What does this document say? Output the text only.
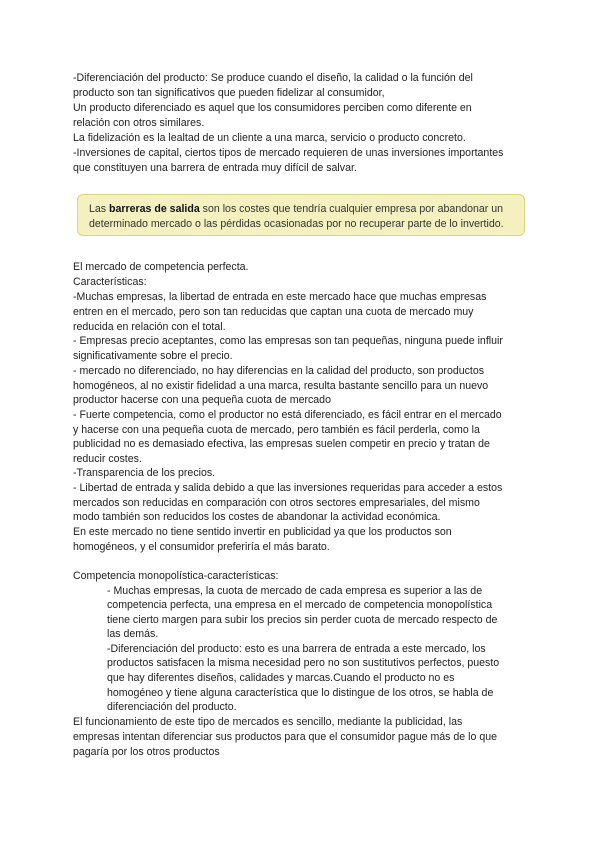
-Diferenciación del producto: Se produce cuando el diseño, la calidad o la función del
producto son tan significativos que pueden fidelizar al consumidor,
Un producto diferenciado es aquel que los consumidores perciben como diferente en
relación con otros similares.
La fidelización es la lealtad de un cliente a una marca, servicio o producto concreto.
-Inversiones de capital, ciertos tipos de mercado requieren de unas inversiones importantes
que constituyen una barrera de entrada muy difícil de salvar.
Las barreras de salida son los costes que tendría cualquier empresa por abandonar un
determinado mercado o las pérdidas ocasionadas por no recuperar parte de lo invertido.
El mercado de competencia perfecta.
Características:
-Muchas empresas, la libertad de entrada en este mercado hace que muchas empresas
entren en el mercado, pero son tan reducidas que captan una cuota de mercado muy
reducida en relación con el total.
- Empresas precio aceptantes, como las empresas son tan pequeñas, ninguna puede influir
significativamente sobre el precio.
- mercado no diferenciado, no hay diferencias en la calidad del producto, son productos
homogéneos, al no existir fidelidad a una marca, resulta bastante sencillo para un nuevo
productor hacerse con una pequeña cuota de mercado
- Fuerte competencia, como el productor no está diferenciado, es fácil entrar en el mercado
y hacerse con una pequeña cuota de mercado, pero también es fácil perderla, como la
publicidad no es demasiado efectiva, las empresas suelen competir en precio y tratan de
reducir costes.
-Transparencia de los precios.
- Libertad de entrada y salida debido a que las inversiones requeridas para acceder a estos
mercados son reducidas en comparación con otros sectores empresariales, del mismo
modo también son reducidos los costes de abandonar la actividad económica.
En este mercado no tiene sentido invertir en publicidad ya que los productos son
homogéneos, y el consumidor preferiría el más barato.
Competencia monopolística-características:
- Muchas empresas, la cuota de mercado de cada empresa es superior a las de
competencia perfecta, una empresa en el mercado de competencia monopolística
tiene cierto margen para subir los precios sin perder cuota de mercado respecto de
las demás.
-Diferenciación del producto: esto es una barrera de entrada a este mercado, los
productos satisfacen la misma necesidad pero no son sustitutivos perfectos, puesto
que hay diferentes diseños, calidades y marcas.Cuando el producto no es
homogéneo y tiene alguna característica que lo distingue de los otros, se habla de
diferenciación del producto.
El funcionamiento de este tipo de mercados es sencillo, mediante la publicidad, las
empresas intentan diferenciar sus productos para que el consumidor pague más de lo que
pagaría por los otros productos
